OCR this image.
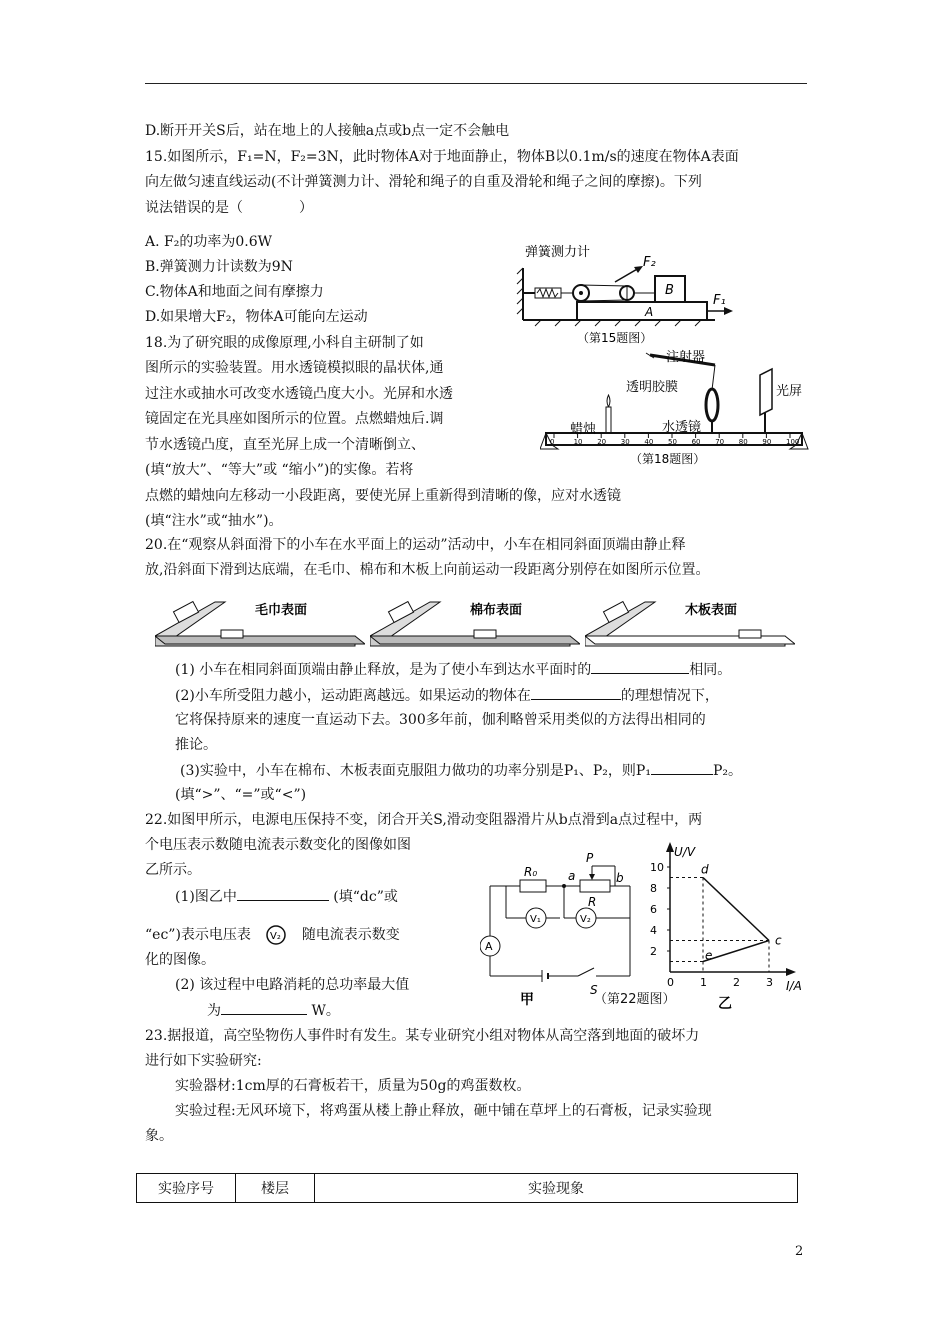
D.断开开关S后，站在地上的人接触a点或b点一定不会触电
15.如图所示，F₁=N，F₂=3N，此时物体A对于地面静止，物体B以0.1m/s的速度在物体A表面
向左做匀速直线运动(不计弹簧测力计、滑轮和绳子的自重及滑轮和绳子之间的摩擦)。下列
说法错误的是（　　　　）
A. F₂的功率为0.6W
B.弹簧测力计读数为9N
C.物体A和地面之间有摩擦力
D.如果增大F₂，物体A可能向左运动
弹簧测力计
F₂
F₁
B
A
（第15题图）
18.为了研究眼的成像原理,小科自主研制了如
图所示的实验装置。用水透镜模拟眼的晶状体,通
过注水或抽水可改变水透镜凸度大小。光屏和水透
镜固定在光具座如图所示的位置。点燃蜡烛后.调
节水透镜凸度，直至光屏上成一个清晰倒立、
(填“放大”、“等大”或 “缩小”)的实像。若将
点燃的蜡烛向左移动一小段距离，要使光屏上重新得到清晰的像，应对水透镜
(填“注水”或“抽水”)。
0	10 20 30 40 50 60 70 80 90 100
注射器
透明胶膜	光屏
蜡烛	水透镜
（第18题图）
20.在“观察从斜面滑下的小车在水平面上的运动”活动中，小车在相同斜面顶端由静止释
放,沿斜面下滑到达底端，在毛巾、棉布和木板上向前运动一段距离分别停在如图所示位置。
毛巾表面	棉布表面	木板表面
(1) 小车在相同斜面顶端由静止释放，是为了使小车到达水平面时的	相同。
(2)小车所受阻力越小，运动距离越远。如果运动的物体在	的理想情况下，
它将保持原来的速度一直运动下去。300多年前，伽利略曾采用类似的方法得出相同的
推论。
(3)实验中，小车在棉布、木板表面克服阻力做功的功率分别是P₁、P₂，则P₁	P₂。
(填“>”、“=”或“<”)
22.如图甲所示，电源电压保持不变，闭合开关S,滑动变阻器滑片从b点滑到a点过程中，两
个电压表示数随电流表示数变化的图像如图
乙所示。
(1)图乙中	(填“dc”或
“ec”)表示电压表 V₂ 随电流表示数变
化的图像。
(2) 该过程中电路消耗的总功率最大值
为	W。
R₀
R
P
a	b
V₁	V₂
A
S
甲	（第22题图）
10
8
6
4
2
0 1 2 3
d
c
e
U/V
I/A
乙
23.据报道，高空坠物伤人事件时有发生。某专业研究小组对物体从高空落到地面的破坏力
进行如下实验研究:
实验器材:1cm厚的石膏板若干，质量为50g的鸡蛋数枚。
实验过程:无风环境下，将鸡蛋从楼上静止释放，砸中铺在草坪上的石膏板，记录实验现
象。
实验序号	楼层	实验现象
2
